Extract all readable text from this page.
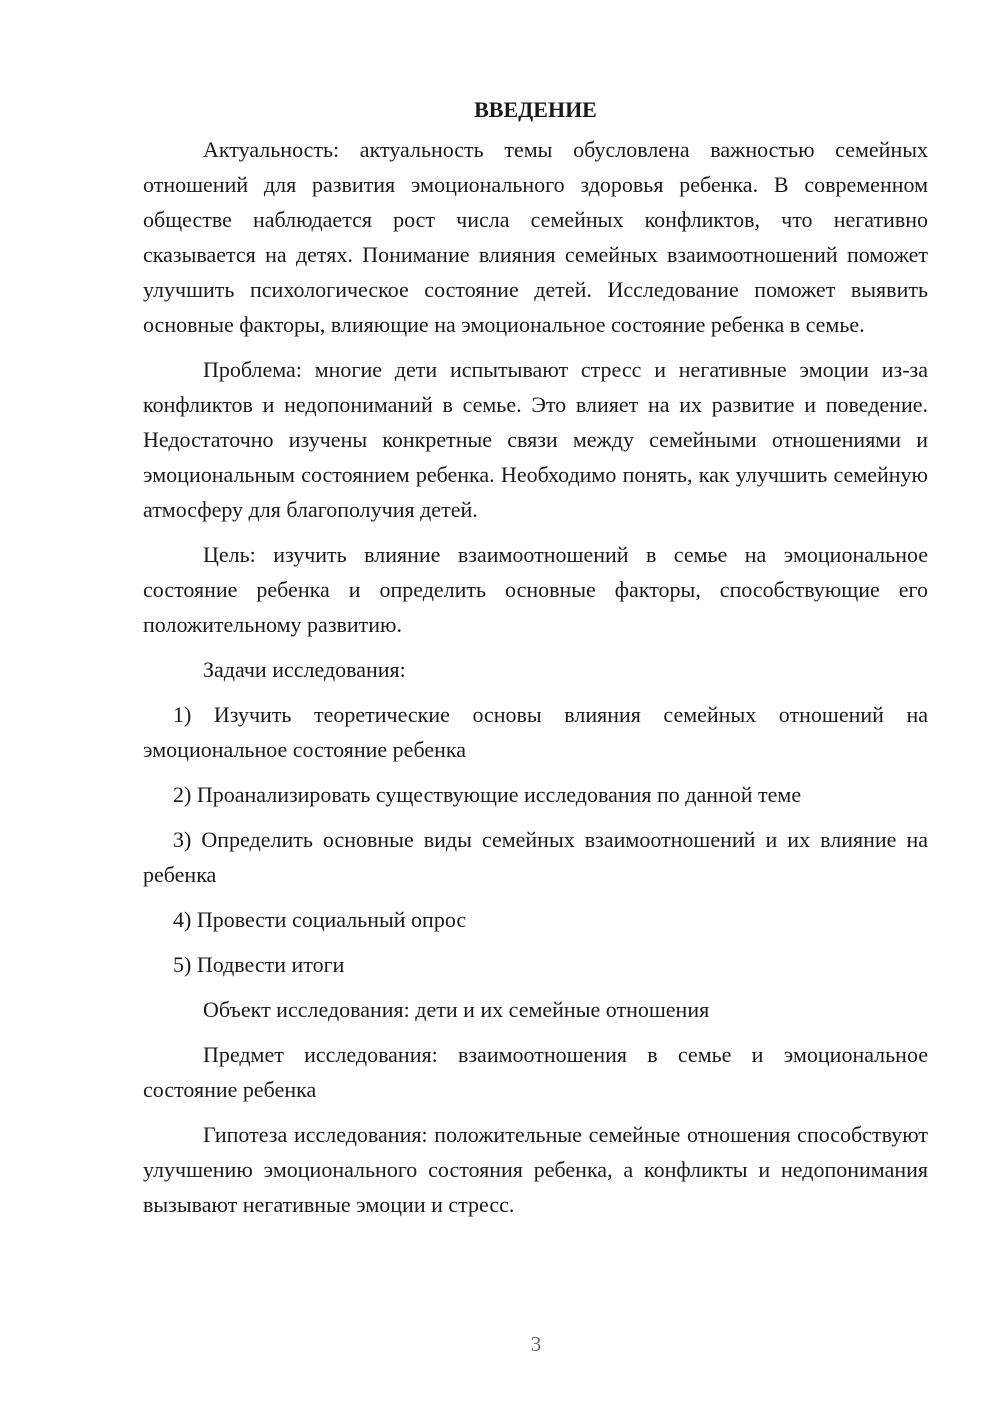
ВВЕДЕНИЕ

Актуальность: актуальность темы обусловлена важностью семейных отношений для развития эмоционального здоровья ребенка. В современном обществе наблюдается рост числа семейных конфликтов, что негативно сказывается на детях. Понимание влияния семейных взаимоотношений поможет улучшить психологическое состояние детей. Исследование поможет выявить основные факторы, влияющие на эмоциональное состояние ребенка в семье.

Проблема: многие дети испытывают стресс и негативные эмоции из-за конфликтов и недопониманий в семье. Это влияет на их развитие и поведение. Недостаточно изучены конкретные связи между семейными отношениями и эмоциональным состоянием ребенка. Необходимо понять, как улучшить семейную атмосферу для благополучия детей.

Цель: изучить влияние взаимоотношений в семье на эмоциональное состояние ребенка и определить основные факторы, способствующие его положительному развитию.

Задачи исследования:

1) Изучить теоретические основы влияния семейных отношений на эмоциональное состояние ребенка

2) Проанализировать существующие исследования по данной теме

3) Определить основные виды семейных взаимоотношений и их влияние на ребенка

4) Провести социальный опрос

5) Подвести итоги

Объект исследования: дети и их семейные отношения

Предмет исследования: взаимоотношения в семье и эмоциональное состояние ребенка

Гипотеза исследования: положительные семейные отношения способствуют улучшению эмоционального состояния ребенка, а конфликты и недопонимания вызывают негативные эмоции и стресс.

3
